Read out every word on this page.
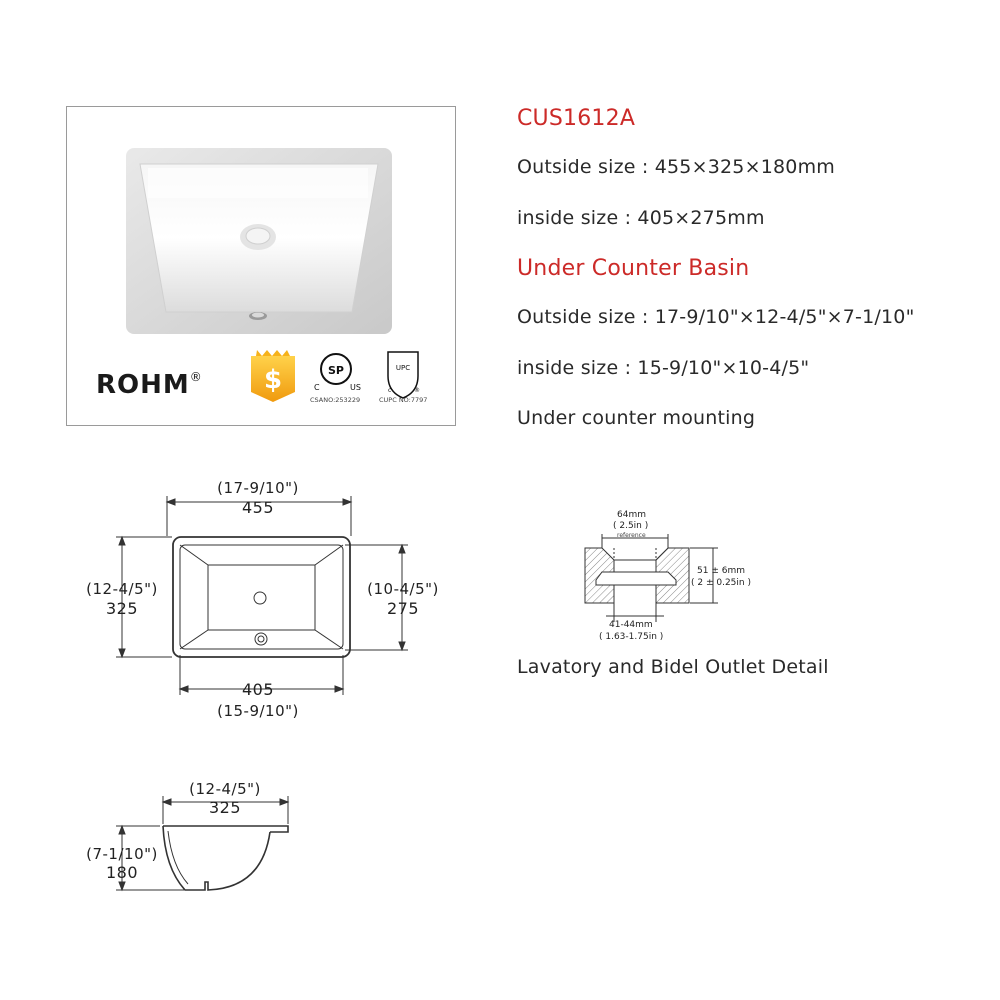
$	SP
C	US
UPC
c	®
ROHM®
CSANO:253229	CUPC NO:7797
CUS1612A
Outside size : 455×325×180mm
inside size : 405×275mm
Under Counter Basin
Outside size : 17-9/10"×12-4/5"×7-1/10"
inside size : 15-9/10"×10-4/5"
Under counter mounting
(17-9/10")
455
(12-4/5")
325
(10-4/5")
275
405
(15-9/10")
(12-4/5")
325
(7-1/10")
180
64mm
( 2.5in )
reference
51 ± 6mm
( 2 ± 0.25in )
41-44mm
( 1.63-1.75in )
Lavatory and Bidel Outlet Detail
